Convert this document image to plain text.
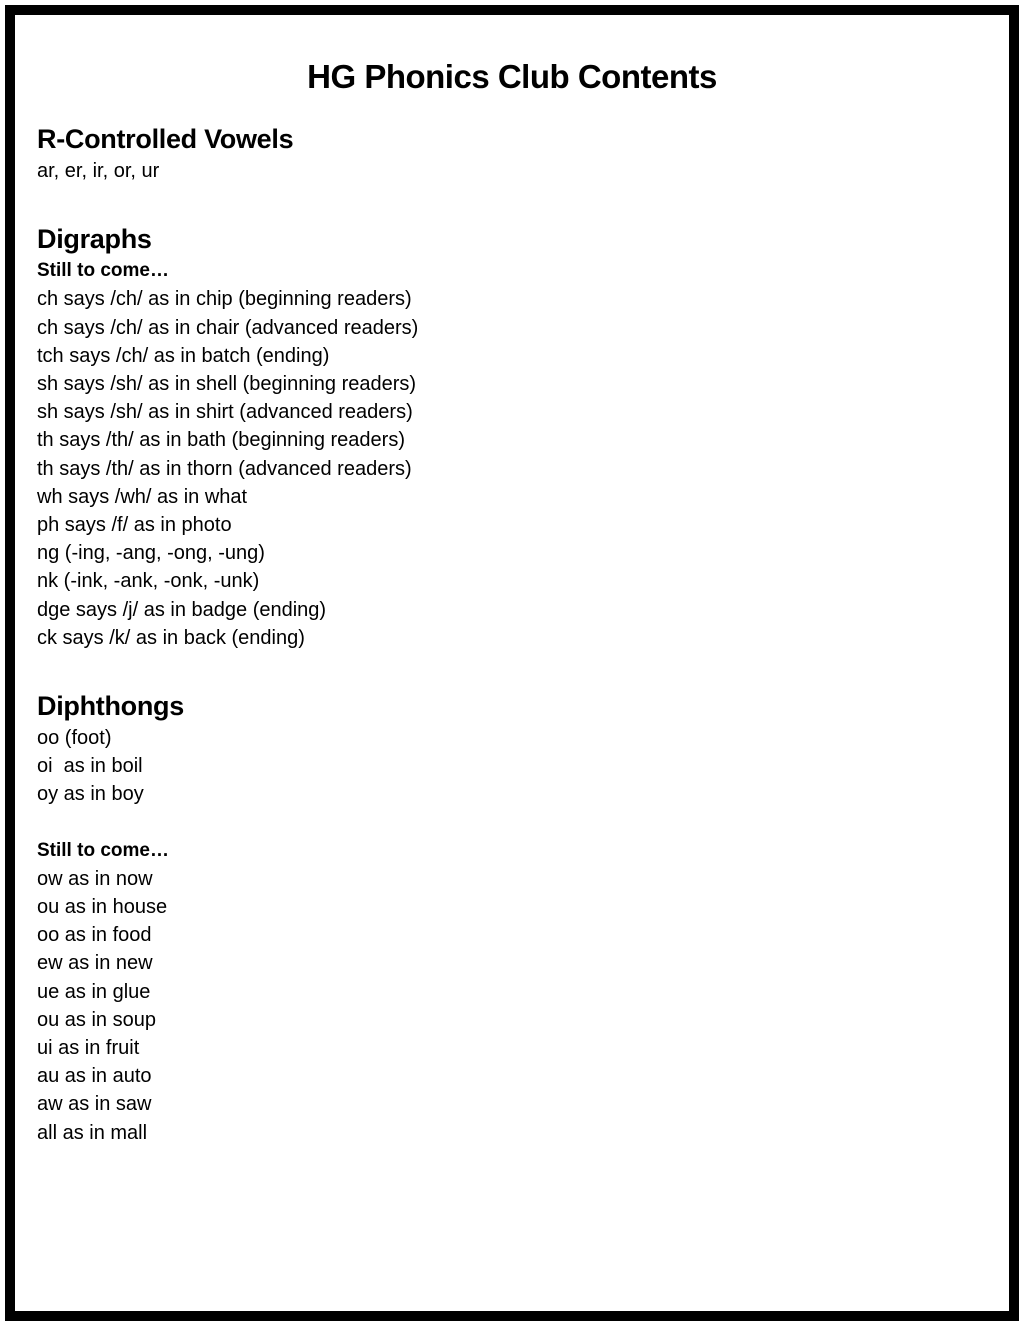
HG Phonics Club Contents
R-Controlled Vowels
ar, er, ir, or, ur
Digraphs
Still to come…
ch says /ch/ as in chip (beginning readers)
ch says /ch/ as in chair (advanced readers)
tch says /ch/ as in batch (ending)
sh says /sh/ as in shell (beginning readers)
sh says /sh/ as in shirt (advanced readers)
th says /th/ as in bath (beginning readers)
th says /th/ as in thorn (advanced readers)
wh says /wh/ as in what
ph says /f/ as in photo
ng (-ing, -ang, -ong, -ung)
nk (-ink, -ank, -onk, -unk)
dge says /j/ as in badge (ending)
ck says /k/ as in back (ending)
Diphthongs
oo (foot)
oi  as in boil
oy as in boy
Still to come…
ow as in now
ou as in house
oo as in food
ew as in new
ue as in glue
ou as in soup
ui as in fruit
au as in auto
aw as in saw
all as in mall
